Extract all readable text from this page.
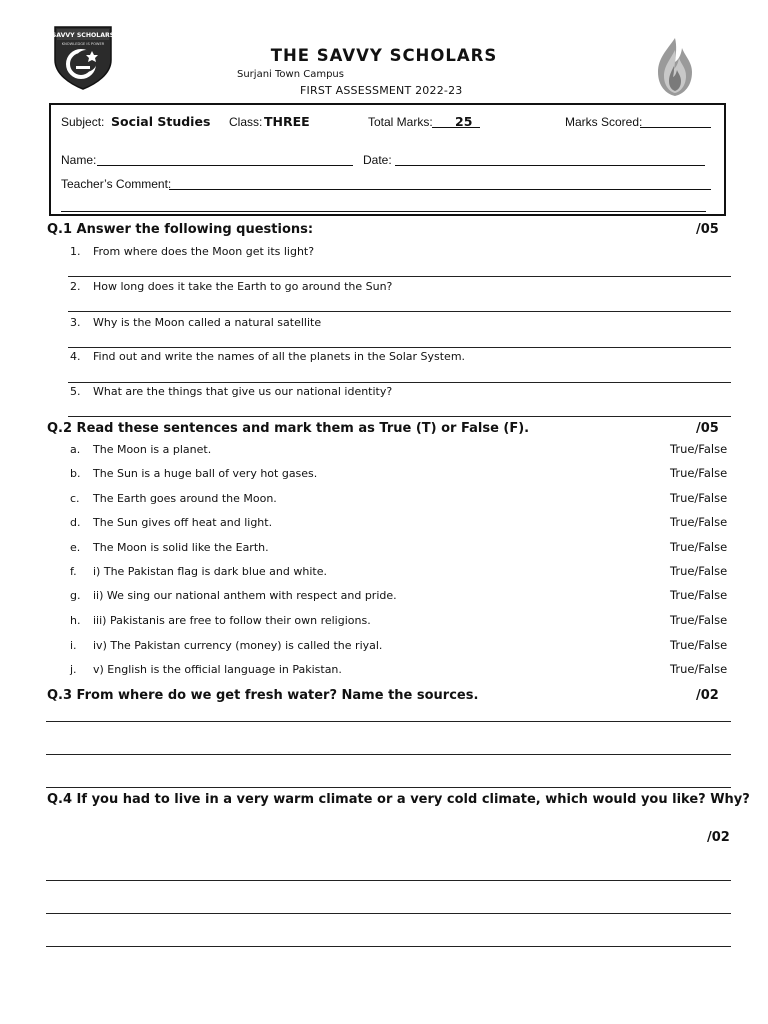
SAVVY SCHOLARS
KNOWLEDGE IS POWER
THE SAVVY SCHOLARS
Surjani Town Campus
FIRST ASSESSMENT 2022-23
Subject: Social Studies Class: THREE	Total Marks: 25	Marks Scored:
Name:	Date:
Teacher’s Comment:
Q.1 Answer the following questions:	/05
1. From where does the Moon get its light?
2. How long does it take the Earth to go around the Sun?
3. Why is the Moon called a natural satellite
4. Find out and write the names of all the planets in the Solar System.
5. What are the things that give us our national identity?
Q.2 Read these sentences and mark them as True (T) or False (F).	/05
a. The Moon is a planet.	True/False
b. The Sun is a huge ball of very hot gases.	True/False
c. The Earth goes around the Moon.	True/False
d. The Sun gives off heat and light.	True/False
e. The Moon is solid like the Earth.	True/False
f. i) The Pakistan flag is dark blue and white.	True/False
g. ii) We sing our national anthem with respect and pride.	True/False
h. iii) Pakistanis are free to follow their own religions.	True/False
i. iv) The Pakistan currency (money) is called the riyal.	True/False
j. v) English is the official language in Pakistan.	True/False
Q.3 From where do we get fresh water? Name the sources.	/02
Q.4 If you had to live in a very warm climate or a very cold climate, which would you like? Why?
/02
